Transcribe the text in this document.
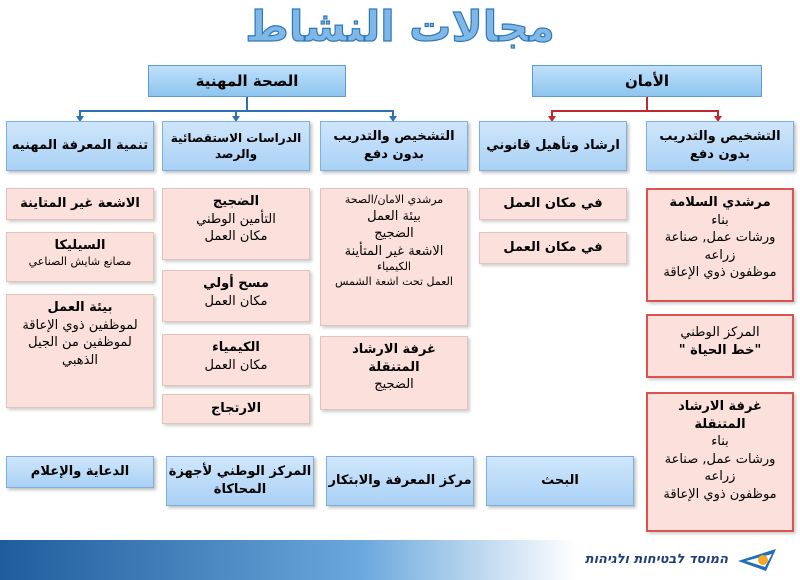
مجالات النشاط
الصحة المهنية	الأمان
تنمية المعرفة المهنيه
الدراسات الاستقصائية والرصد
التشخيص والتدريب بدون دفع
ارشاد وتأهيل قانوني
التشخيص والتدريب بدون دفع
الاشعة غير المتاينة
السيليكا
مصانع شايش الصناعي
بيئة العمل
لموظفين ذوي الإعاقة لموظفين من الجيل الذهبي
الضجيج
التأمين الوطني
مكان العمل
مسح أولي
مكان العمل
الكيمياء
مكان العمل
الارتجاج
مرشدي الامان/الصحة
بيئة العمل
الضجيج
الاشعة غير المتأينة
الكيمياء
العمل تحت اشعة الشمس
غرفة الارشاد المتنقلة
الضجيج
في مكان العمل
في مكان العمل
مرشدي السلامة
بناء
ورشات عمل, صناعة
زراعه
موظفون ذوي الإعاقة
المركز الوطني
"خط الحياة "
غرفة الارشاد المتنقلة
بناء
ورشات عمل, صناعة
زراعه
موظفون ذوي الإعاقة
الدعاية والإعلام	المركز الوطني لأجهزة المحاكاة
مركز المعرفة والابتكار	البحث
המוסד לבטיחות ולגיהות
